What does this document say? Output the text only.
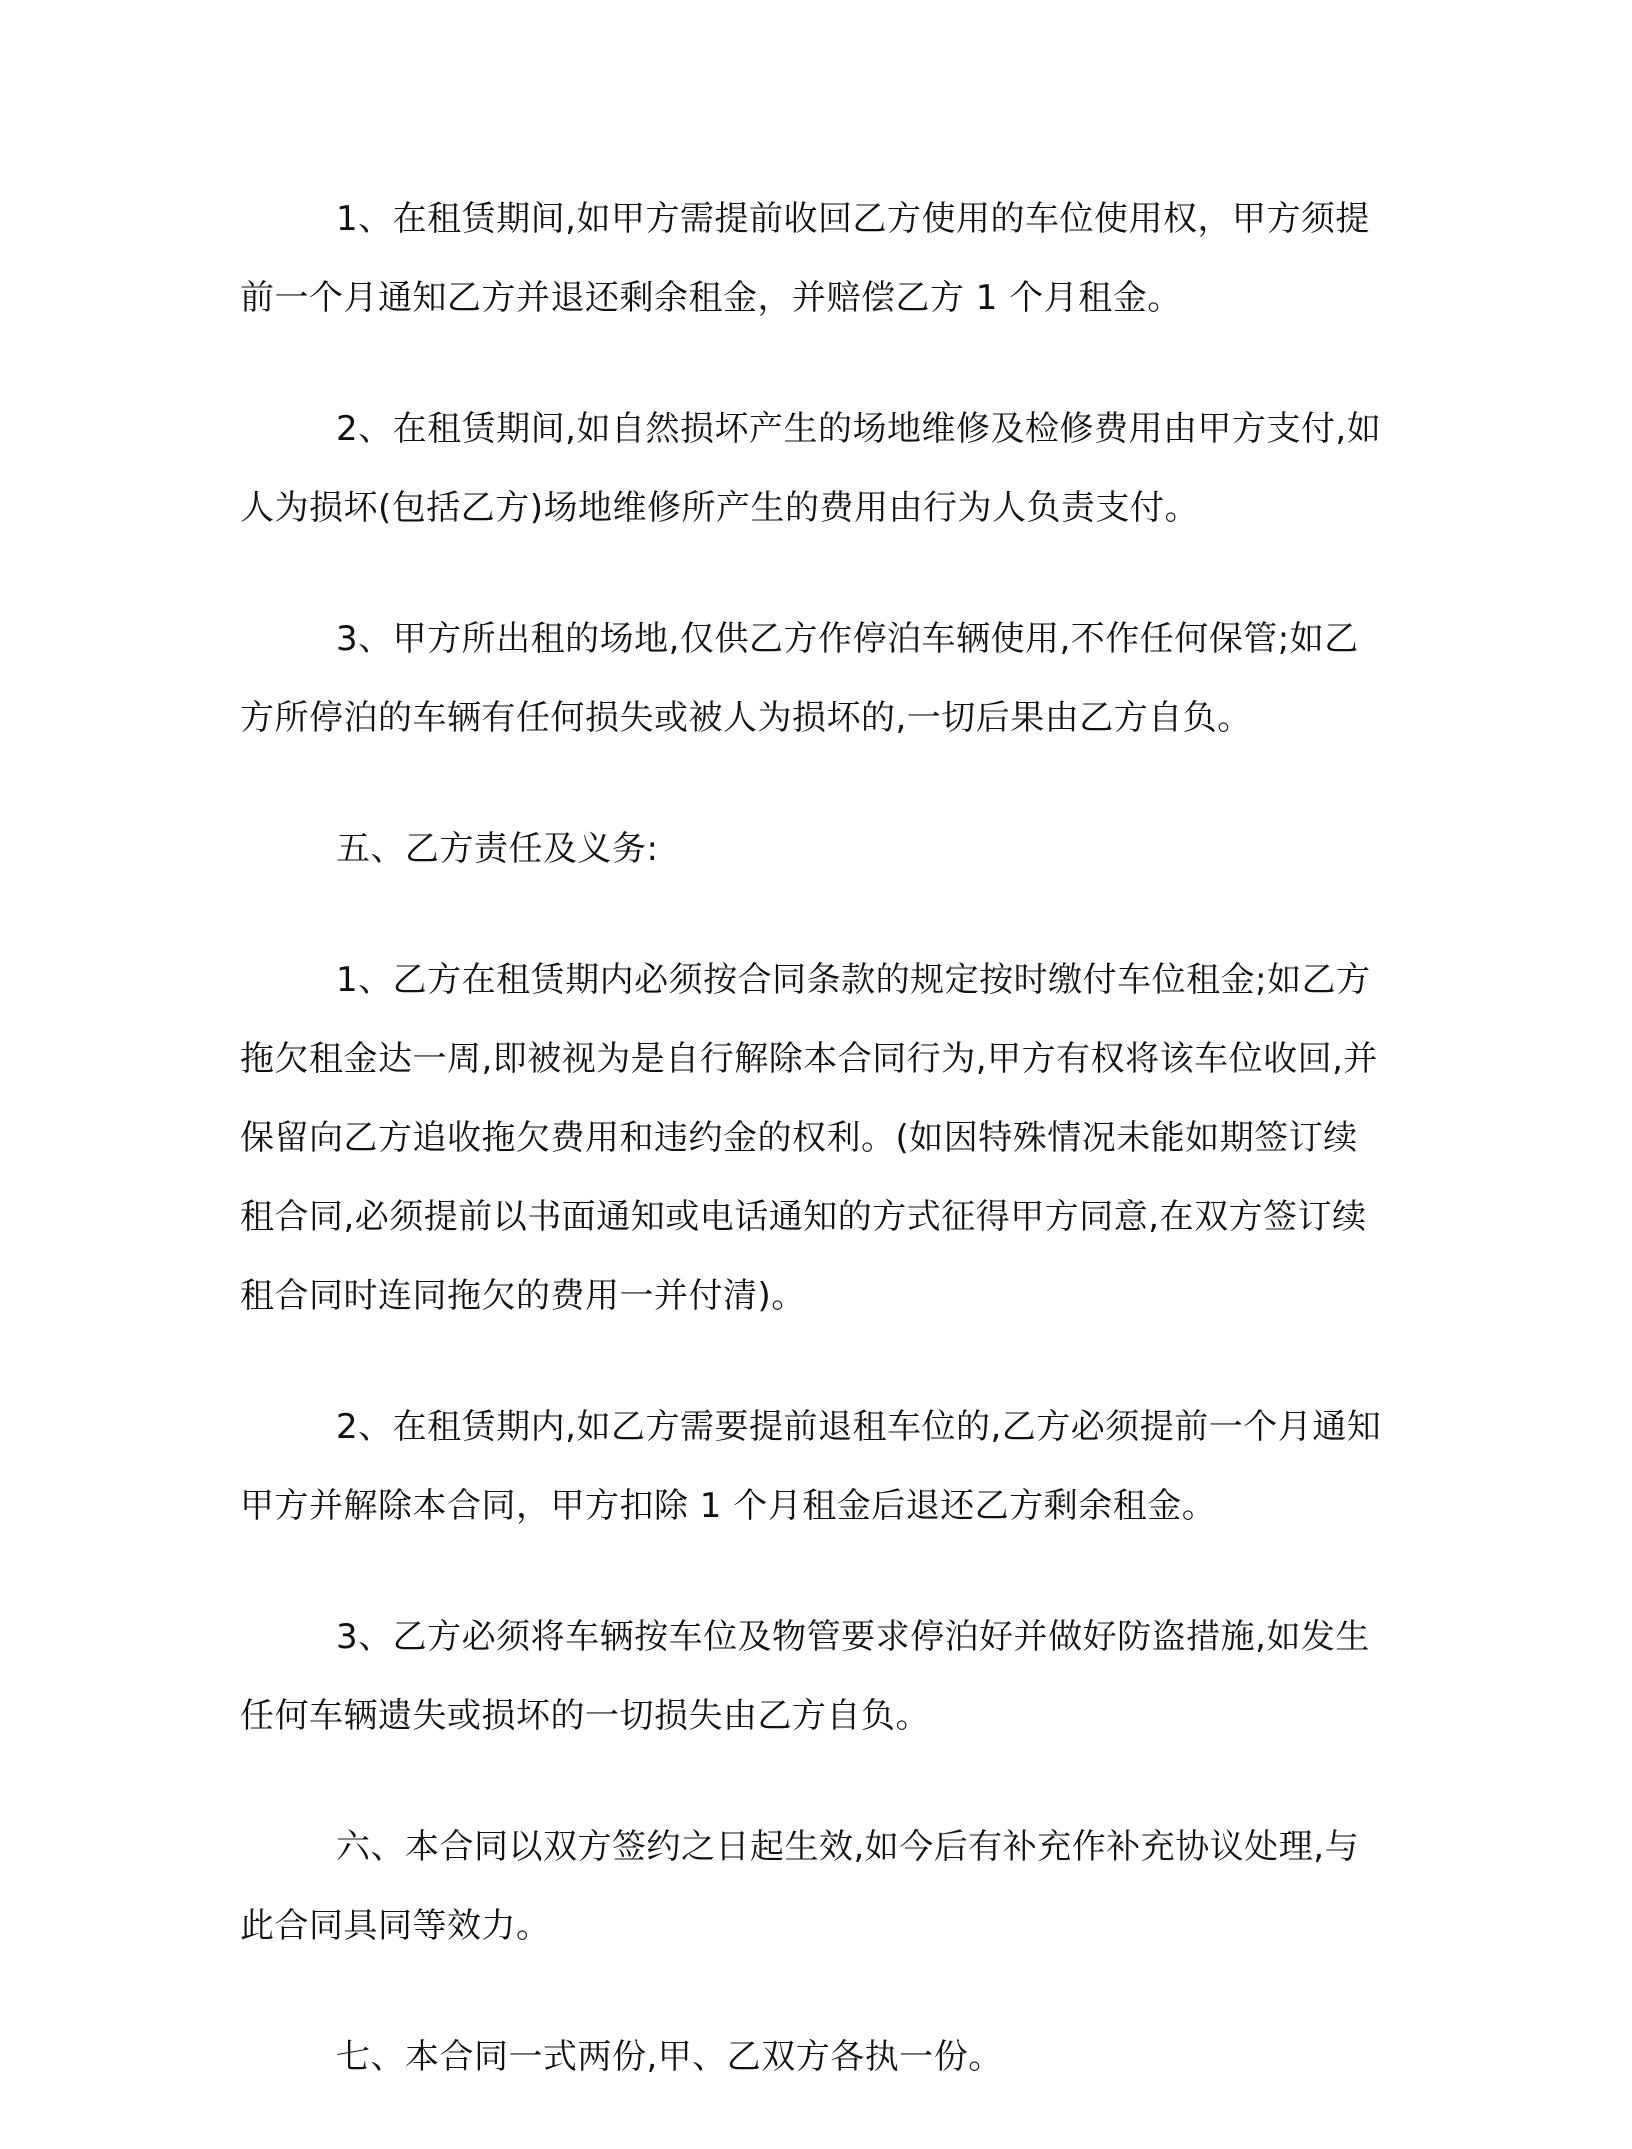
1、在租赁期间,如甲方需提前收回乙方使用的车位使用权，甲方须提前一个月通知乙方并退还剩余租金，并赔偿乙方 1 个月租金。

2、在租赁期间,如自然损坏产生的场地维修及检修费用由甲方支付,如人为损坏(包括乙方)场地维修所产生的费用由行为人负责支付。

3、甲方所出租的场地,仅供乙方作停泊车辆使用,不作任何保管;如乙方所停泊的车辆有任何损失或被人为损坏的,一切后果由乙方自负。

五、乙方责任及义务:

1、乙方在租赁期内必须按合同条款的规定按时缴付车位租金;如乙方拖欠租金达一周,即被视为是自行解除本合同行为,甲方有权将该车位收回,并保留向乙方追收拖欠费用和违约金的权利。(如因特殊情况未能如期签订续租合同,必须提前以书面通知或电话通知的方式征得甲方同意,在双方签订续租合同时连同拖欠的费用一并付清)。

2、在租赁期内,如乙方需要提前退租车位的,乙方必须提前一个月通知甲方并解除本合同，甲方扣除 1 个月租金后退还乙方剩余租金。

3、乙方必须将车辆按车位及物管要求停泊好并做好防盗措施,如发生任何车辆遗失或损坏的一切损失由乙方自负。

六、本合同以双方签约之日起生效,如今后有补充作补充协议处理,与此合同具同等效力。

七、本合同一式两份,甲、乙双方各执一份。
